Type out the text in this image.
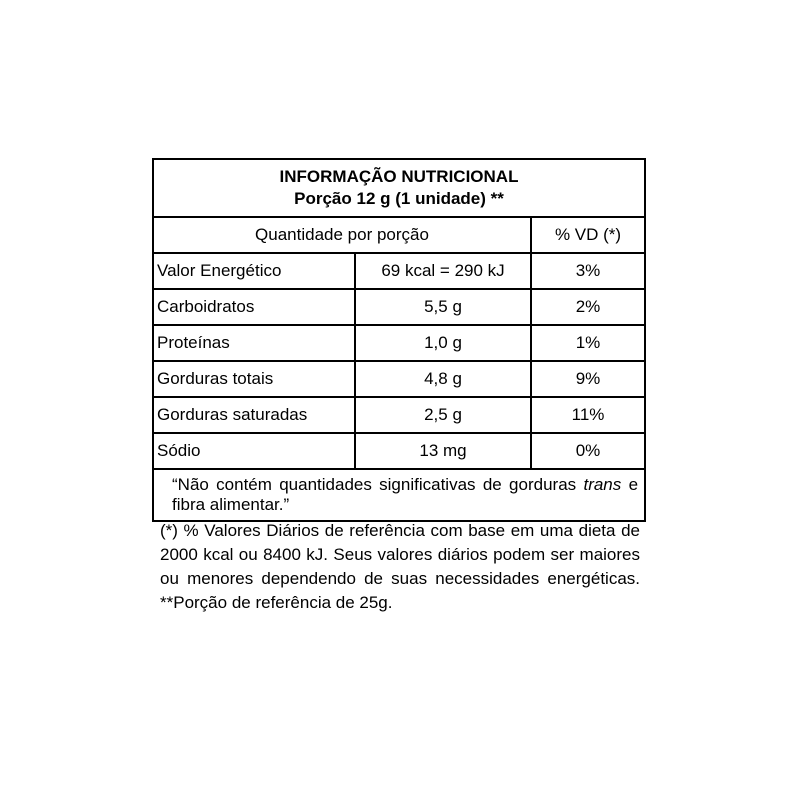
INFORMAÇÃO NUTRICIONAL
Porção 12 g (1 unidade) **		

Quantidade por porção		% VD (*)
Valor Energético	69 kcal = 290 kJ	3%
Carboidratos	5,5 g	2%
Proteínas	1,0 g	1%
Gorduras totais	4,8 g	9%
Gorduras saturadas	2,5 g	11%
Sódio	13 mg	0%
“Não contém quantidades significativas de gorduras trans e fibra alimentar.”		
(*) % Valores Diários de referência com base em uma dieta de 2000 kcal ou 8400 kJ. Seus valores diários podem ser maiores ou menores dependendo de suas necessidades energéticas. **Porção de referência de 25g.
